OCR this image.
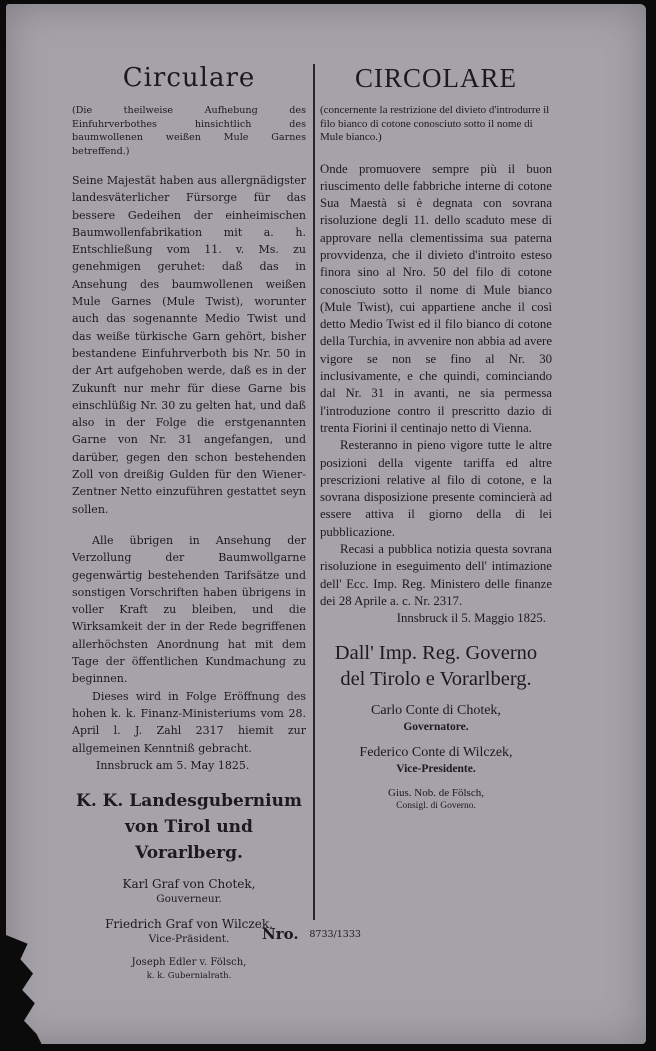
Circulare

(Die theilweise Aufhebung des Einfuhrverbothes hinsichtlich des baumwollenen weißen Mule Garnes betreffend.)

Seine Majestät haben aus allergnädigster landesväterlicher Fürsorge für das bessere Gedeihen der einheimischen Baumwollenfabrikation mit a. h. Entschließung vom 11. v. Ms. zu genehmigen geruhet: daß das in Ansehung des baumwollenen weißen Mule Garnes (Mule Twist), worunter auch das sogenannte Medio Twist und das weiße türkische Garn gehört, bisher bestandene Einfuhrverboth bis Nr. 50 in der Art aufgehoben werde, daß es in der Zukunft nur mehr für diese Garne bis einschlüßig Nr. 30 zu gelten hat, und daß also in der Folge die erstgenannten Garne von Nr. 31 angefangen, und darüber, gegen den schon bestehenden Zoll von dreißig Gulden für den Wiener-Zentner Netto einzuführen gestattet seyn sollen.

Alle übrigen in Ansehung der Verzollung der Baumwollgarne gegenwärtig bestehenden Tarifsätze und sonstigen Vorschriften haben übrigens in voller Kraft zu bleiben, und die Wirksamkeit der in der Rede begriffenen allerhöchsten Anordnung hat mit dem Tage der öffentlichen Kundmachung zu beginnen.

Dieses wird in Folge Eröffnung des hohen k. k. Finanz-Ministeriums vom 28. April l. J. Zahl 2317 hiemit zur allgemeinen Kenntniß gebracht.

Innsbruck am 5. May 1825.

K. K. Landesgubernium von Tirol und Vorarlberg.

Karl Graf von Chotek,

Gouverneur.

Friedrich Graf von Wilczek,

Vice-Präsident.

Joseph Edler v. Fölsch,

k. k. Gubernialrath.

CIRCOLARE

(concernente la restrizione del divieto d'introdurre il filo bianco di cotone conosciuto sotto il nome di Mule bianco.)

Onde promuovere sempre più il buon riuscimento delle fabbriche interne di cotone Sua Maestà si è degnata con sovrana risoluzione degli 11. dello scaduto mese di approvare nella clementissima sua paterna provvidenza, che il divieto d'introito esteso finora sino al Nro. 50 del filo di cotone conosciuto sotto il nome di Mule bianco (Mule Twist), cui appartiene anche il così detto Medio Twist ed il filo bianco di cotone della Turchia, in avvenire non abbia ad avere vigore se non se fino al Nr. 30 inclusivamente, e che quindi, cominciando dal Nr. 31 in avanti, ne sia permessa l'introduzione contro il prescritto dazio di trenta Fiorini il centinajo netto di Vienna.

Resteranno in pieno vigore tutte le altre posizioni della vigente tariffa ed altre prescrizioni relative al filo di cotone, e la sovrana disposizione presente comincierà ad essere attiva il giorno della di lei pubblicazione.

Recasi a pubblica notizia questa sovrana risoluzione in eseguimento dell' intimazione dell' Ecc. Imp. Reg. Ministero delle finanze dei 28 Aprile a. c. Nr. 2317.

Innsbruck il 5. Maggio 1825.

Dall' Imp. Reg. Governo del Tirolo e Vorarlberg.

Carlo Conte di Chotek,

Governatore.

Federico Conte di Wilczek,

Vice-Presidente.

Gius. Nob. de Fölsch,

Consigl. di Governo.

Nro. 8733/1333
